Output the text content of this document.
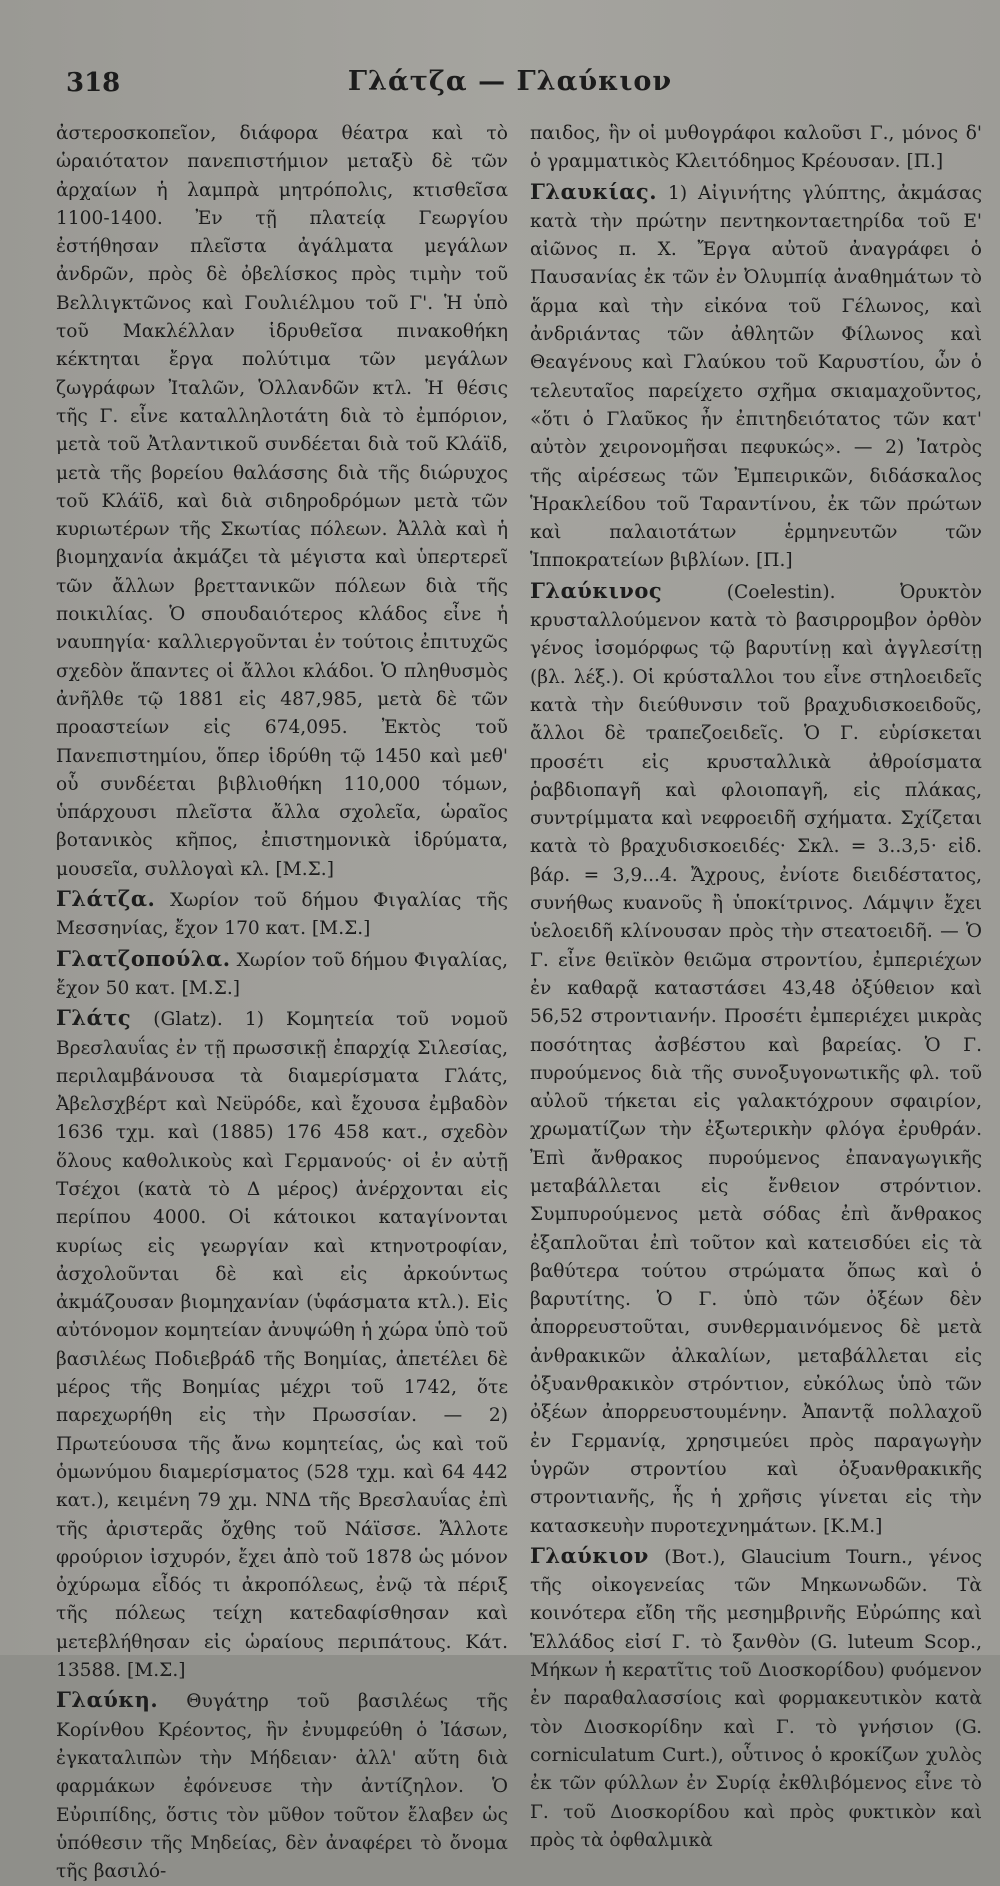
318	Γλάτζα — Γλαύκιον

ἀστεροσκοπεῖον, διάφορα θέατρα καὶ τὸ ὡραιότατον πανεπιστήμιον μεταξὺ δὲ τῶν ἀρχαίων ἡ λαμπρὰ μητρόπολις, κτισθεῖσα 1100-1400. Ἐν τῇ πλατείᾳ Γεωργίου ἐστήθησαν πλεῖστα ἀγάλματα μεγάλων ἀνδρῶν, πρὸς δὲ ὀβελίσκος πρὸς τιμὴν τοῦ Βελλιγκτῶνος καὶ Γουλιέλμου τοῦ Γ'. Ἡ ὑπὸ τοῦ Μακλέλλαν ἱδρυθεῖσα πινακοθήκη κέκτηται ἔργα πολύτιμα τῶν μεγάλων ζωγράφων Ἰταλῶν, Ὁλλανδῶν κτλ. Ἡ θέσις τῆς Γ. εἶνε καταλληλοτάτη διὰ τὸ ἐμπόριον, μετὰ τοῦ Ἀτλαντικοῦ συνδέεται διὰ τοῦ Κλάϊδ, μετὰ τῆς βορείου θαλάσσης διὰ τῆς διώρυχος τοῦ Κλάϊδ, καὶ διὰ σιδηροδρόμων μετὰ τῶν κυριωτέρων τῆς Σκωτίας πόλεων. Ἀλλὰ καὶ ἡ βιομηχανία ἀκμάζει τὰ μέγιστα καὶ ὑπερτερεῖ τῶν ἄλλων βρεττανικῶν πόλεων διὰ τῆς ποικιλίας. Ὁ σπουδαιότερος κλάδος εἶνε ἡ ναυπηγία· καλλιεργοῦνται ἐν τούτοις ἐπιτυχῶς σχεδὸν ἅπαντες οἱ ἄλλοι κλάδοι. Ὁ πληθυσμὸς ἀνῆλθε τῷ 1881 εἰς 487,985, μετὰ δὲ τῶν προαστείων εἰς 674,095. Ἐκτὸς τοῦ Πανεπιστημίου, ὅπερ ἱδρύθη τῷ 1450 καὶ μεθ' οὗ συνδέεται βιβλιοθήκη 110,000 τόμων, ὑπάρχουσι πλεῖστα ἄλλα σχολεῖα, ὡραῖος βοτανικὸς κῆπος, ἐπιστημονικὰ ἱδρύματα, μουσεῖα, συλλογαὶ κλ. [Μ.Σ.]

Γλάτζα. Χωρίον τοῦ δήμου Φιγαλίας τῆς Μεσσηνίας, ἔχον 170 κατ. [Μ.Σ.]

Γλατζοπούλα. Χωρίον τοῦ δήμου Φιγαλίας, ἔχον 50 κατ. [Μ.Σ.]

Γλάτς (Glatz). 1) Κομητεία τοῦ νομοῦ Βρεσλαυΐας ἐν τῇ πρωσσικῇ ἐπαρχίᾳ Σιλεσίας, περιλαμβάνουσα τὰ διαμερίσματα Γλάτς, Ἀβελσχβέρτ καὶ Νεϋρόδε, καὶ ἔχουσα ἐμβαδὸν 1636 τχμ. καὶ (1885) 176 458 κατ., σχεδὸν ὅλους καθολικοὺς καὶ Γερμανούς· οἱ ἐν αὐτῇ Τσέχοι (κατὰ τὸ Δ μέρος) ἀνέρχονται εἰς περίπου 4000. Οἱ κάτοικοι καταγίνονται κυρίως εἰς γεωργίαν καὶ κτηνοτροφίαν, ἀσχολοῦνται δὲ καὶ εἰς ἀρκούντως ἀκμάζουσαν βιομηχανίαν (ὑφάσματα κτλ.). Εἰς αὐτόνομον κομητείαν ἀνυψώθη ἡ χώρα ὑπὸ τοῦ βασιλέως Ποδιεβράδ τῆς Βοημίας, ἀπετέλει δὲ μέρος τῆς Βοημίας μέχρι τοῦ 1742, ὅτε παρεχωρήθη εἰς τὴν Πρωσσίαν. — 2) Πρωτεύουσα τῆς ἄνω κομητείας, ὡς καὶ τοῦ ὁμωνύμου διαμερίσματος (528 τχμ. καὶ 64 442 κατ.), κειμένη 79 χμ. ΝΝΔ τῆς Βρεσλαυΐας ἐπὶ τῆς ἀριστερᾶς ὄχθης τοῦ Νάϊσσε. Ἄλλοτε φρούριον ἰσχυρόν, ἔχει ἀπὸ τοῦ 1878 ὡς μόνον ὀχύρωμα εἶδός τι ἀκροπόλεως, ἐνῷ τὰ πέριξ τῆς πόλεως τείχη κατεδαφίσθησαν καὶ μετεβλήθησαν εἰς ὡραίους περιπάτους. Κάτ. 13588. [Μ.Σ.]

Γλαύκη. Θυγάτηρ τοῦ βασιλέως τῆς Κορίνθου Κρέοντος, ἣν ἐνυμφεύθη ὁ Ἰάσων, ἐγκαταλιπὼν τὴν Μήδειαν· ἀλλ' αὕτη διὰ φαρμάκων ἐφόνευσε τὴν ἀντίζηλον. Ὁ Εὐριπίδης, ὅστις τὸν μῦθον τοῦτον ἔλαβεν ὡς ὑπόθεσιν τῆς Μηδείας, δὲν ἀναφέρει τὸ ὄνομα τῆς βασιλό-

παιδος, ἣν οἱ μυθογράφοι καλοῦσι Γ., μόνος δ' ὁ γραμματικὸς Κλειτόδημος Κρέουσαν. [Π.]

Γλαυκίας. 1) Αἰγινήτης γλύπτης, ἀκμάσας κατὰ τὴν πρώτην πεντηκονταετηρίδα τοῦ Ε' αἰῶνος π. Χ. Ἔργα αὐτοῦ ἀναγράφει ὁ Παυσανίας ἐκ τῶν ἐν Ὀλυμπίᾳ ἀναθημάτων τὸ ἅρμα καὶ τὴν εἰκόνα τοῦ Γέλωνος, καὶ ἀνδριάντας τῶν ἀθλητῶν Φίλωνος καὶ Θεαγένους καὶ Γλαύκου τοῦ Καρυστίου, ὧν ὁ τελευταῖος παρείχετο σχῆμα σκιαμαχοῦντος, «ὅτι ὁ Γλαῦκος ἦν ἐπιτηδειότατος τῶν κατ' αὐτὸν χειρονομῆσαι πεφυκώς». — 2) Ἰατρὸς τῆς αἱρέσεως τῶν Ἐμπειρικῶν, διδάσκαλος Ἡρακλείδου τοῦ Ταραντίνου, ἐκ τῶν πρώτων καὶ παλαιοτάτων ἑρμηνευτῶν τῶν Ἱπποκρατείων βιβλίων. [Π.]

Γλαύκινος	(Coelestin). Ὀρυκτὸν κρυσταλλούμενον κατὰ τὸ βασιρρομβον ὀρθὸν γένος ἰσομόρφως τῷ βαρυτίνῃ καὶ ἀγγλεσίτῃ (βλ. λέξ.). Οἱ κρύσταλλοι του εἶνε στηλοειδεῖς κατὰ τὴν διεύθυνσιν τοῦ βραχυδισκοειδοῦς, ἄλλοι δὲ τραπεζοειδεῖς. Ὁ Γ. εὑρίσκεται προσέτι εἰς κρυσταλλικὰ ἀθροίσματα ῥαβδιοπαγῆ καὶ φλοιοπαγῆ, εἰς πλάκας, συντρίμματα καὶ νεφροειδῆ σχήματα. Σχίζεται κατὰ τὸ βραχυδισκοειδές· Σκλ. = 3..3,5· εἰδ. βάρ. = 3,9...4. Ἄχρους, ἐνίοτε διειδέστατος, συνήθως κυανοῦς ἢ ὑποκίτρινος. Λάμψιν ἔχει ὑελοειδῆ κλίνουσαν πρὸς τὴν στεατοειδῆ. — Ὁ Γ. εἶνε θειϊκὸν θειῶμα στροντίου, ἐμπεριέχων ἐν καθαρᾷ καταστάσει 43,48 ὀξύθειον καὶ 56,52 στροντιανήν. Προσέτι ἐμπεριέχει μικρὰς ποσότητας ἀσβέστου καὶ βαρείας. Ὁ Γ. πυρούμενος διὰ τῆς συνοξυγονωτικῆς φλ. τοῦ αὐλοῦ τήκεται εἰς γαλακτόχρουν σφαιρίον, χρωματίζων τὴν ἐξωτερικὴν φλόγα ἐρυθράν. Ἐπὶ ἄνθρακος πυρούμενος ἐπαναγωγικῆς μεταβάλλεται εἰς ἔνθειον στρόντιον. Συμπυρούμενος μετὰ σόδας ἐπὶ ἄνθρακος ἐξαπλοῦται ἐπὶ τοῦτον καὶ κατεισδύει εἰς τὰ βαθύτερα τούτου στρώματα ὅπως καὶ ὁ βαρυτίτης. Ὁ Γ. ὑπὸ τῶν ὀξέων δὲν ἀπορρευστοῦται, συνθερμαινόμενος δὲ μετὰ ἀνθρακικῶν ἀλκαλίων, μεταβάλλεται εἰς ὀξυανθρακικὸν στρόντιον, εὐκόλως ὑπὸ τῶν ὀξέων ἀπορρευστουμένην. Ἀπαντᾷ πολλαχοῦ ἐν Γερμανίᾳ, χρησιμεύει πρὸς παραγωγὴν ὑγρῶν στροντίου καὶ ὀξυανθρακικῆς στροντιανῆς, ἧς ἡ χρῆσις γίνεται εἰς τὴν κατασκευὴν πυροτεχνημάτων. [Κ.Μ.]

Γλαύκιον (Βοτ.), Glaucium Tourn., γένος τῆς οἰκογενείας τῶν Μηκωνωδῶν. Τὰ κοινότερα εἴδη τῆς μεσημβρινῆς Εὐρώπης καὶ Ἑλλάδος εἰσί Γ. τὸ ξανθὸν (G. luteum Scop., Μήκων ἡ κερατῖτις τοῦ Διοσκορίδου) φυόμενον ἐν παραθαλασσίοις καὶ φορμακευτικὸν κατὰ τὸν Διοσκορίδην καὶ Γ. τὸ γνήσιον (G. corniculatum Curt.), οὗτινος ὁ κροκίζων χυλὸς ἐκ τῶν φύλλων ἐν Συρίᾳ ἐκθλιβόμενος εἶνε τὸ Γ. τοῦ Διοσκορίδου καὶ πρὸς φυκτικὸν καὶ πρὸς τὰ ὀφθαλμικὰ
